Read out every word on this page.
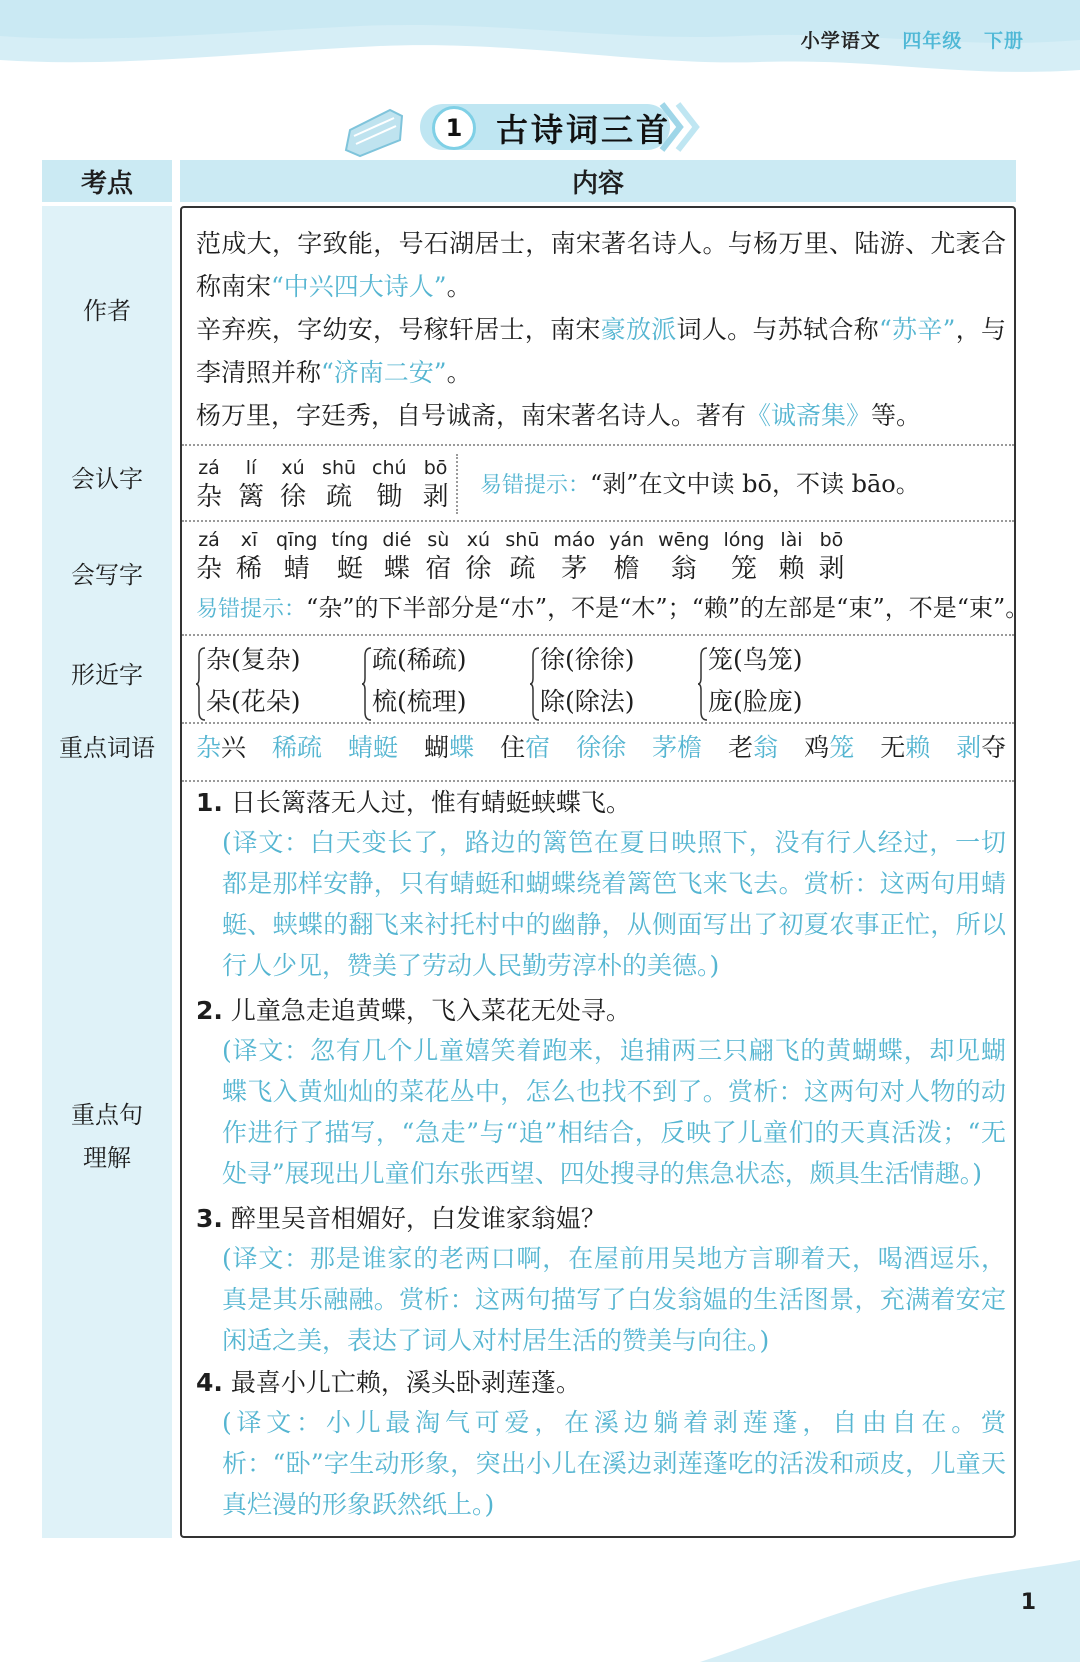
小学语文 四年级 下册
1	古诗词三首
考点	内容
作者
会认字
会写字
形近字
重点词语
重点句
理解
范成大，字致能，号石湖居士，南宋著名诗人。与杨万里、陆游、尤袤合称南宋“中兴四大诗人”。
辛弃疾，字幼安，号稼轩居士，南宋豪放派词人。与苏轼合称“苏辛”，与李清照并称“济南二安”。
杨万里，字廷秀，自号诚斋，南宋著名诗人。著有《诚斋集》等。
zá
杂
lí
篱
xú
徐
shū
疏
chú
锄
bō
剥 易错提示：“剥”在文中读 bō，不读 bāo。
zá
杂
xī
稀
qīng
蜻
tíng
蜓
dié
蝶
sù
宿
xú
徐
shū
疏
máo
茅
yán
檐
wēng
翁
lóng
笼
lài
赖
bō
剥
易错提示：“杂”的下半部分是“朩”，不是“木”；“赖”的左部是“束”，不是“束”。
杂(复杂)
朵(花朵)
疏(稀疏)
梳(梳理)
徐(徐徐)
除(除法)
笼(鸟笼)
庞(脸庞)
杂兴 稀疏 蜻蜓 蝴蝶 住宿 徐徐 茅檐 老翁 鸡笼 无赖 剥夺
1. 日长篱落无人过，惟有蜻蜓蛱蝶飞。
(译文：白天变长了，路边的篱笆在夏日映照下，没有行人经过，一切都是那样安静，只有蜻蜓和蝴蝶绕着篱笆飞来飞去。赏析：这两句用蜻蜓、蛱蝶的翻飞来衬托村中的幽静，从侧面写出了初夏农事正忙，所以行人少见，赞美了劳动人民勤劳淳朴的美德。)
2. 儿童急走追黄蝶，飞入菜花无处寻。
(译文：忽有几个儿童嬉笑着跑来，追捕两三只翩飞的黄蝴蝶，却见蝴蝶飞入黄灿灿的菜花丛中，怎么也找不到了。赏析：这两句对人物的动作进行了描写，“急走”与“追”相结合，反映了儿童们的天真活泼；“无处寻”展现出儿童们东张西望、四处搜寻的焦急状态，颇具生活情趣。)
3. 醉里吴音相媚好，白发谁家翁媪？
(译文：那是谁家的老两口啊，在屋前用吴地方言聊着天，喝酒逗乐，真是其乐融融。赏析：这两句描写了白发翁媪的生活图景，充满着安定闲适之美，表达了词人对村居生活的赞美与向往。)
4. 最喜小儿亡赖，溪头卧剥莲蓬。
(译文：小儿最淘气可爱，在溪边躺着剥莲蓬，自由自在。赏析：“卧”字生动形象，突出小儿在溪边剥莲蓬吃的活泼和顽皮，儿童天真烂漫的形象跃然纸上。)
1
